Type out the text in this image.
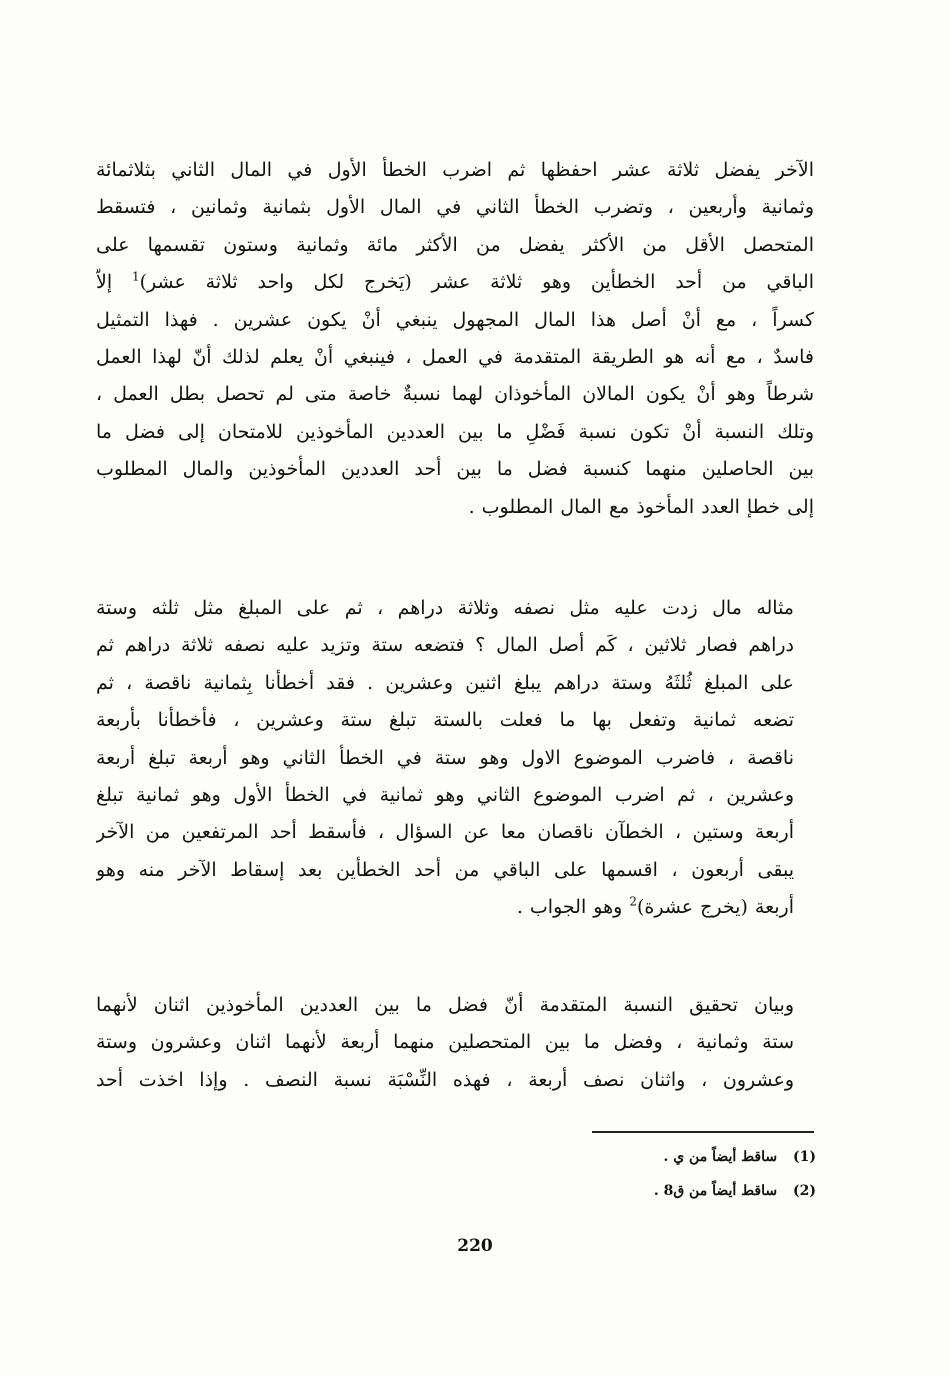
الآخر يفضل ثلاثة عشر احفظها ثم اضرب الخطأ الأول في المال الثاني بثلاثمائة
وثمانية وأربعين ، وتضرب الخطأ الثاني في المال الأول بثمانية وثمانين ، فتسقط
المتحصل الأقل من الأكثر يفضل من الأكثر مائة وثمانية وستون تقسمها على
الباقي من أحد الخطأين وهو ثلاثة عشر (يَخرج لكل واحد ثلاثة عشر)$^1$ إلاّ
كسراً ، مع أنْ أصل هذا المال المجهول ينبغي أنْ يكون عشرين . فهذا التمثيل
فاسدٌ ، مع أنه هو الطريقة المتقدمة في العمل ، فينبغي أنْ يعلم لذلك أنّ لهذا العمل
شرطاً وهو أنْ يكون المالان المأخوذان لهما نسبةٌ خاصة متى لم تحصل بطل العمل ،
وتلك النسبة أنْ تكون نسبة فَضْلِ ما بين العددين المأخوذين للامتحان إلى فضل ما
بين الحاصلين منهما كنسبة فضل ما بين أحد العددين المأخوذين والمال المطلوب
إلى خطإ العدد المأخوذ مع المال المطلوب .
مثاله مال زدت عليه مثل نصفه وثلاثة دراهم ، ثم على المبلغ مثل ثلثه وستة
دراهم فصار ثلاثين ، كَم أصل المال ؟ فتضعه ستة وتزيد عليه نصفه ثلاثة دراهم ثم
على المبلغ ثُلثَهُ وستة دراهم يبلغ اثنين وعشرين . فقد أخطأنا بِثمانية ناقصة ، ثم
تضعه ثمانية وتفعل بها ما فعلت بالستة تبلغ ستة وعشرين ، فأخطأنا بأربعة
ناقصة ، فاضرب الموضوع الاول وهو ستة في الخطأ الثاني وهو أربعة تبلغ أربعة
وعشرين ، ثم اضرب الموضوع الثاني وهو ثمانية في الخطأ الأول وهو ثمانية تبلغ
أربعة وستين ، الخطآن ناقصان معا عن السؤال ، فأسقط أحد المرتفعين من الآخر
يبقى أربعون ، اقسمها على الباقي من أحد الخطأين بعد إسقاط الآخر منه وهو
أربعة (يخرج عشرة)$^2$ وهو الجواب .
وبيان تحقيق النسبة المتقدمة أنّ فضل ما بين العددين المأخوذين اثنان لأنهما
ستة وثمانية ، وفضل ما بين المتحصلين منهما أربعة لأنهما اثنان وعشرون وستة
وعشرون ، واثنان نصف أربعة ، فهذه النِّسْبَة نسبة النصف . وإذا اخذت أحد
(1) ساقط أيضاً من ي .
(2) ساقط أيضاً من ق8 .
220
